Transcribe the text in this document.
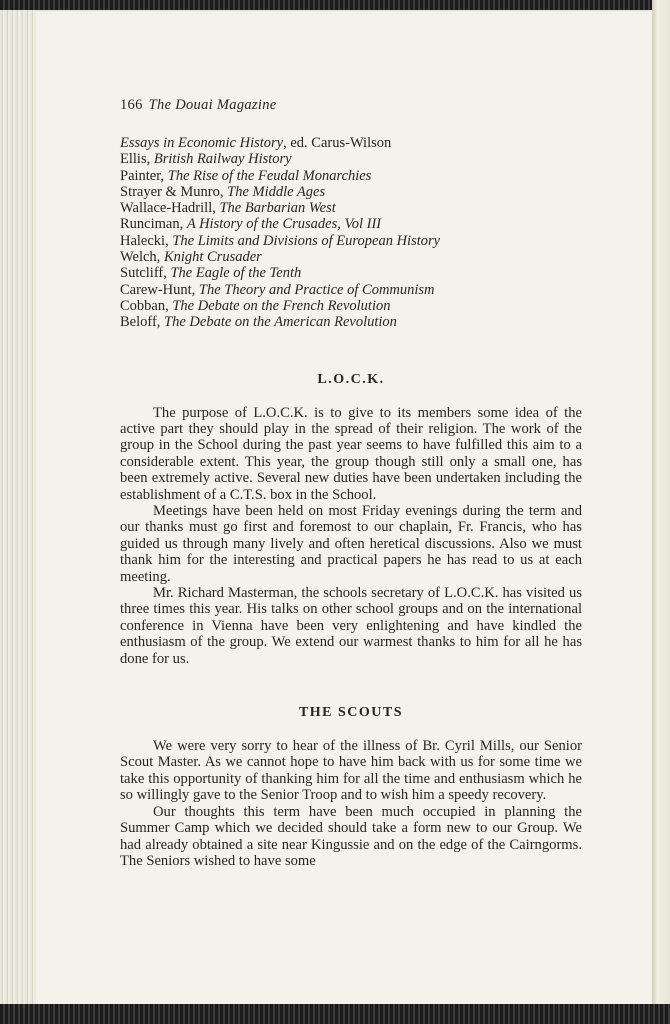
166 The Douai Magazine
Essays in Economic History, ed. Carus-Wilson
Ellis, British Railway History
Painter, The Rise of the Feudal Monarchies
Strayer & Munro, The Middle Ages
Wallace-Hadrill, The Barbarian West
Runciman, A History of the Crusades, Vol III
Halecki, The Limits and Divisions of European History
Welch, Knight Crusader
Sutcliff, The Eagle of the Tenth
Carew-Hunt, The Theory and Practice of Communism
Cobban, The Debate on the French Revolution
Beloff, The Debate on the American Revolution
L.O.C.K.

The purpose of L.O.C.K. is to give to its members some idea of the active part they should play in the spread of their religion. The work of the group in the School during the past year seems to have fulfilled this aim to a considerable extent. This year, the group though still only a small one, has been extremely active. Several new duties have been undertaken including the establishment of a C.T.S. box in the School.

Meetings have been held on most Friday evenings during the term and our thanks must go first and foremost to our chaplain, Fr. Francis, who has guided us through many lively and often heretical discussions. Also we must thank him for the interesting and practical papers he has read to us at each meeting.

Mr. Richard Masterman, the schools secretary of L.O.C.K. has visited us three times this year. His talks on other school groups and on the international conference in Vienna have been very enlightening and have kindled the enthusiasm of the group. We extend our warmest thanks to him for all he has done for us.

THE SCOUTS

We were very sorry to hear of the illness of Br. Cyril Mills, our Senior Scout Master. As we cannot hope to have him back with us for some time we take this opportunity of thanking him for all the time and enthusiasm which he so willingly gave to the Senior Troop and to wish him a speedy recovery.

Our thoughts this term have been much occupied in planning the Summer Camp which we decided should take a form new to our Group. We had already obtained a site near Kingussie and on the edge of the Cairngorms. The Seniors wished to have some
